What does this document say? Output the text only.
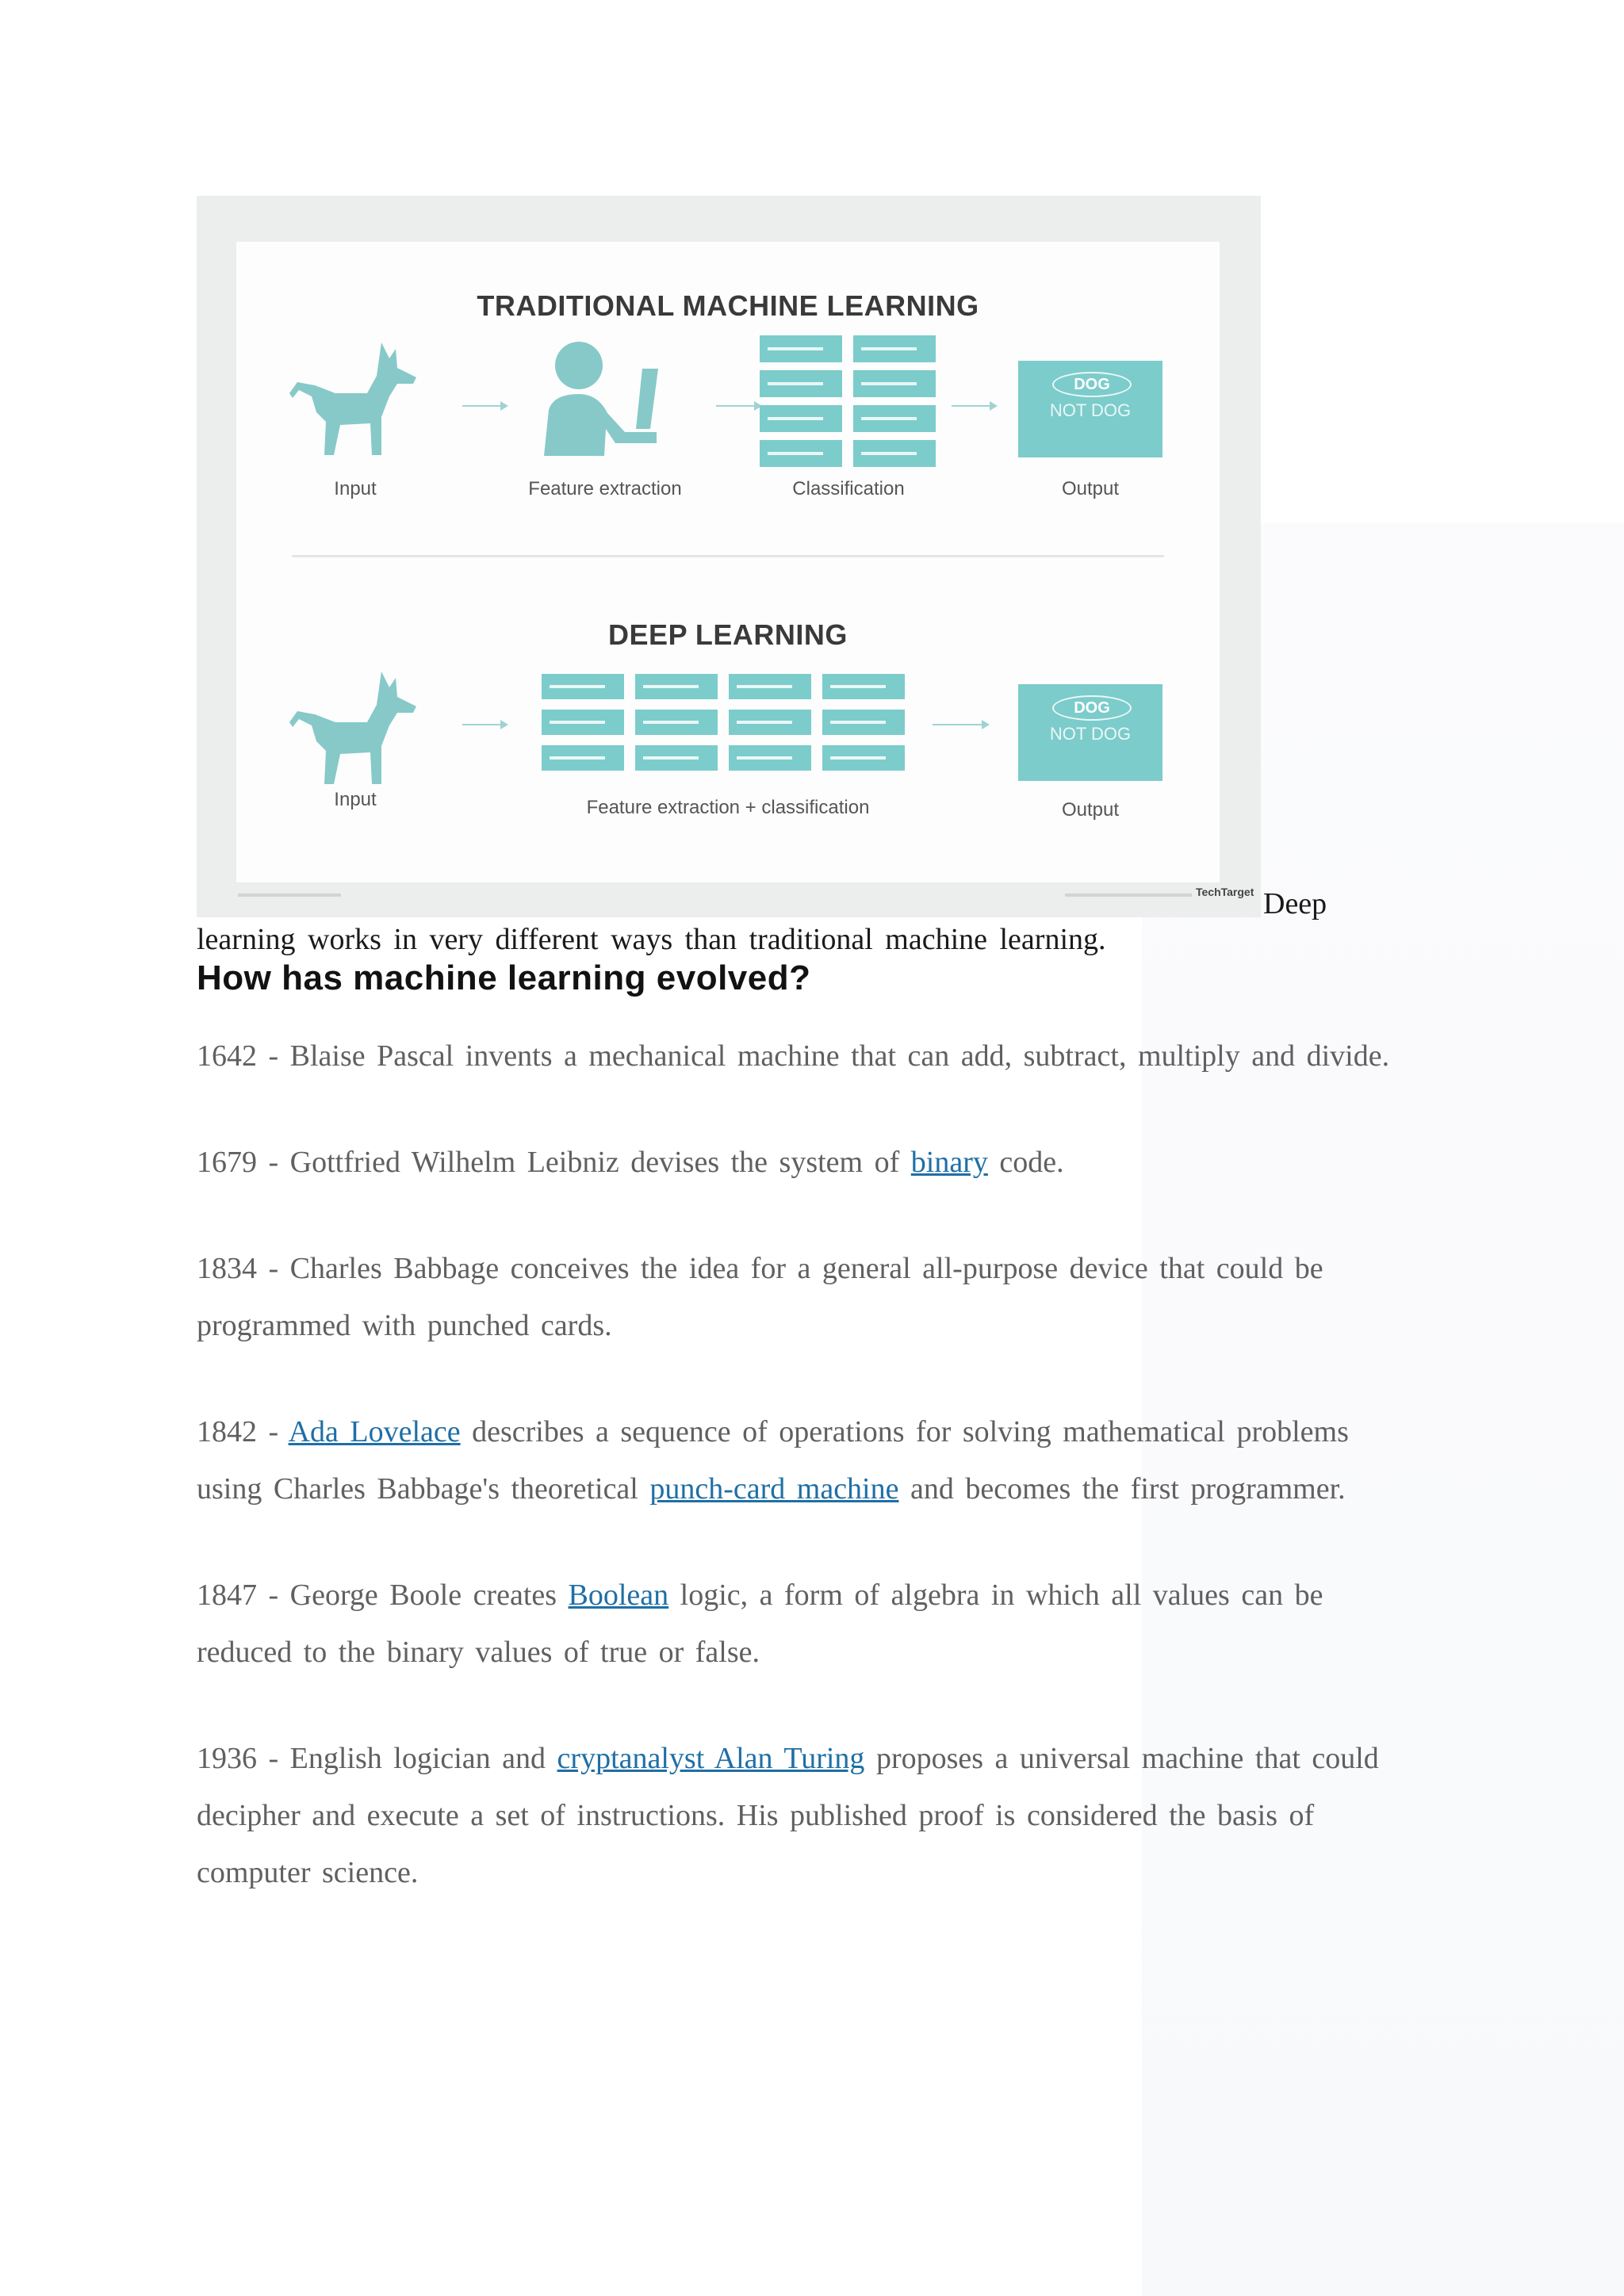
TRADITIONAL MACHINE LEARNING
DOG
NOT DOG
Input	Feature extraction	Classification	Output
DEEP LEARNING
DOG
NOT DOG
Input	Feature extraction + classification	Output
TechTarget Deep
learning works in very different ways than traditional machine learning.
How has machine learning evolved?

1642 - Blaise Pascal invents a mechanical machine that can add, subtract, multiply and divide.

1679 - Gottfried Wilhelm Leibniz devises the system of binary code.

1834 - Charles Babbage conceives the idea for a general all-purpose device that could be programmed with punched cards.

1842 - Ada Lovelace describes a sequence of operations for solving mathematical problems using Charles Babbage's theoretical punch-card machine and becomes the first programmer.

1847 - George Boole creates Boolean logic, a form of algebra in which all values can be reduced to the binary values of true or false.

1936 - English logician and cryptanalyst Alan Turing proposes a universal machine that could decipher and execute a set of instructions. His published proof is considered the basis of computer science.
